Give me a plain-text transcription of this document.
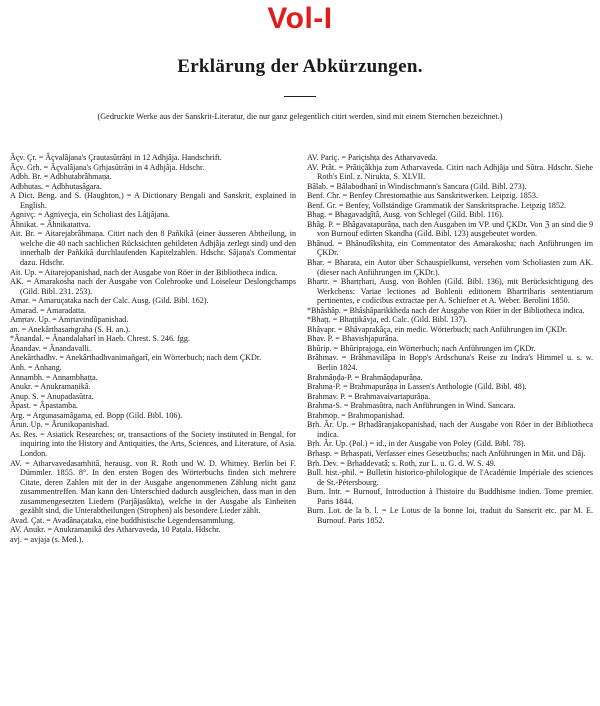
Vol-I
Erklärung der Abkürzungen.
(Gedruckte Werke aus der Sanskrit-Literatur, die nur ganz gelegentlich citirt werden, sind mit einem Sternchen bezeichnet.)

Âçv. Çr. = Âçvalâjana's Çrautasûtrâṇi in 12 Adhjâja. Handschrift.

Âçv. Gṛh. = Âçvalâjana's Gṛhjasûtrâṇi in 4 Adhjâja. Hdschr.

Adbh. Br. = Adbhutabrâhmaṇa.

Adbhutas. = Adbhutasâgara.

A Dict. Beng. and S. (Haughton,) = A Dictionary Bengali and Sanskrit, explained in English.

Agnivç. = Agniveçja, ein Scholiast des Lâṭjâjana.

Âhnikat. = Âhnikatattva.

Ait. Br. = Aitarejabrâhmaṇa. Citirt nach den 8 Pañkikâ (einer äusseren Abtheilung, in welche die 40 nach sachlichen Rücksichten gebildeten Adhjâja zerlegt sind) und den innerhalb der Pañkikâ durchlaufenden Kapitelzahlen. Hdschr. Sâjaṇa's Commentar dazu. Hdschr.

Ait. Up. = Aitarejopanishad, nach der Ausgabe von Röer in der Bibliotheca indica.

AK. = Amarakosha nach der Ausgabe von Colebrooke und Loiseleur Deslongchamps (Gild. Bibl. 231. 253).

Amar. = Amaruçataka nach der Calc. Ausg. (Gild. Bibl. 162).

Amarad. = Amaradatta.

Amṛtav. Up. = Amṛtavindûpanishad.

an. = Anekârthasaṁgraha (S. H. an.).

*Ânandal. = Ânandalaharî in Haeb. Chrest. S. 246. fgg.

Ânandav. = Ânandavalli.

Anekârthadhv. = Anekârthadhvanimañgarî, ein Wörterbuch; nach dem ÇKDr.

Anh. = Anhang.

Annambh. = Annambhaṭṭa.

Anukr. = Anukramaṇikâ.

Anup. S. = Anupadasûtra.

Âpast. = Âpastamba.

Arg. = Argunasamâgama, ed. Bopp (Gild. Bibl. 106).

Ârun. Up. = Ârunikopanishad.

As. Res. = Asiatick Researches; or, transactions of the Society instituted in Bengal, for inquiring into the History and Antiquities, the Arts, Sciences, and Literature, of Asia. London.

AV. = Atharvavedasaṁhitâ, herausg. von R. Roth und W. D. Whitney. Berlin bei F. Dümmler. 1855. 8°. In den ersten Bogen des Wörterbuchs finden sich mehrere Citate, deren Zahlen mit der in der Ausgabe angenommenen Zählung nicht ganz zusammentreffen. Man kann den Unterschied dadurch ausgleichen, dass man in den zusammengesetzten Liedern (Parjâjasûkta), welche in der Ausgabe als Einheiten gezählt sind, die Unterabtheilungen (Strophen) als besondere Lieder zählt.

Avad. Çat. = Avadânaçataka, eine buddhistische Legendensammlung.

AV. Anukr. = Anukramaṇikâ des Atharvaveda, 10 Paṭala. Hdschr.

avj. = avjaja (s. Med.).

AV. Pariç. = Pariçishṭa des Atharvaveda.

AV. Prât. = Prâtiçâkhja zum Atharvaveda. Citirt nach Adhjâja und Sûtra. Hdschr. Siehe Roth's Einl. z. Nirukta, S. XLVII.

Bâlab. = Bâlabodhanî in Windischmann's Sancara (Gild. Bibl. 273).

Benf. Chr. = Benfey Chrestomathie aus Sanskritwerken. Leipzig. 1853.

Benf. Gr. = Benfey, Vollständige Grammatik der Sanskritsprache. Leipzig 1852.

Bhag. = Bhagavadgîtâ, Ausg. von Schlegel (Gild. Bibl. 116).

Bhâg. P. = Bhâgavatapurâṇa, nach den Ausgaben im VP. und ÇKDr. Von ℨ an sind die 9 von Burnouf edirten Skandha (Gild. Bibl. 123) ausgebeutet worden.

Bhânud. = Bhânudîkshita, ein Commentator des Amarakosha; nach Anführungen im ÇKDr.

Bhar. = Bharata, ein Autor über Schauspielkunst, versehen vom Scholiasten zum AK. (dieser nach Anführungen im ÇKDr.).

Bhartr. = Bhartṛhari, Ausg. von Bohlen (Gild. Bibl. 136), mit Berücksichtigung des Werkchens: Variae lectiones ad Bohlenii editionem Bhartriharis sententiarum pertinentes, e codicibus extractae per A. Schiefner et A. Weber. Berolini 1850.

*Bhâshâp. = Bhâshâparikkheda nach der Ausgabe von Röer in der Bibliotheca indica.

*Bhaṭṭ. = Bhaṭṭikâvja, ed. Calc. (Gild. Bibl. 137).

Bhâvapr. = Bhâvaprakâça, ein medic. Wörterbuch; nach Anführungen im ÇKDr.

Bhav. P. = Bhavishjapurâṇa.

Bhûrip. = Bhûriprajoga, ein Wörterbuch; nach Anführungen im ÇKDr.

Brâhmav. = Brâhmavilâpa in Bopp's Ardschuna's Reise zu Indra's Himmel u. s. w. Berlin 1824.

Brahmâṇḍa-P. = Brahmâṇḍapurâṇa.

Brahma-P. = Brahmapurâṇa in Lassen's Anthologie (Gild. Bibl. 48).

Brahmav. P. = Brahmavaivartapurâṇa.

Brahma-S. = Brahmasûtra, nach Anführungen in Wind. Sancara.

Brahmop. = Brahmopanishad.

Bṛh. Âr. Up. = Bṛhadâraṇjakopanishad, nach der Ausgabe von Röer in der Bibliotheca indica.

Bṛh. Âr. Up. (Pol.) = id., in der Ausgabe von Poley (Gild. Bibl. 78).

Bṛhasp. = Bṛhaspati, Verfasser eines Gesetzbuchs; nach Anführungen in Mit. und Dâj.

Bṛh. Dev. = Bṛhaddevatâ; s. Roth, zur L. u. G. d. W. S. 49.

Bull. hist.-phil. = Bulletin historico-philologique de l'Académie Impériale des sciences de St.-Pétersbourg.

Burn. Intr. = Burnouf, Introduction à l'histoire du Buddhisme indien. Tome premier. Paris 1844.

Burn. Lot. de la b. l. = Le Lotus de la bonne loi, traduit du Sanscrit etc. par M. E. Burnouf. Paris 1852.
